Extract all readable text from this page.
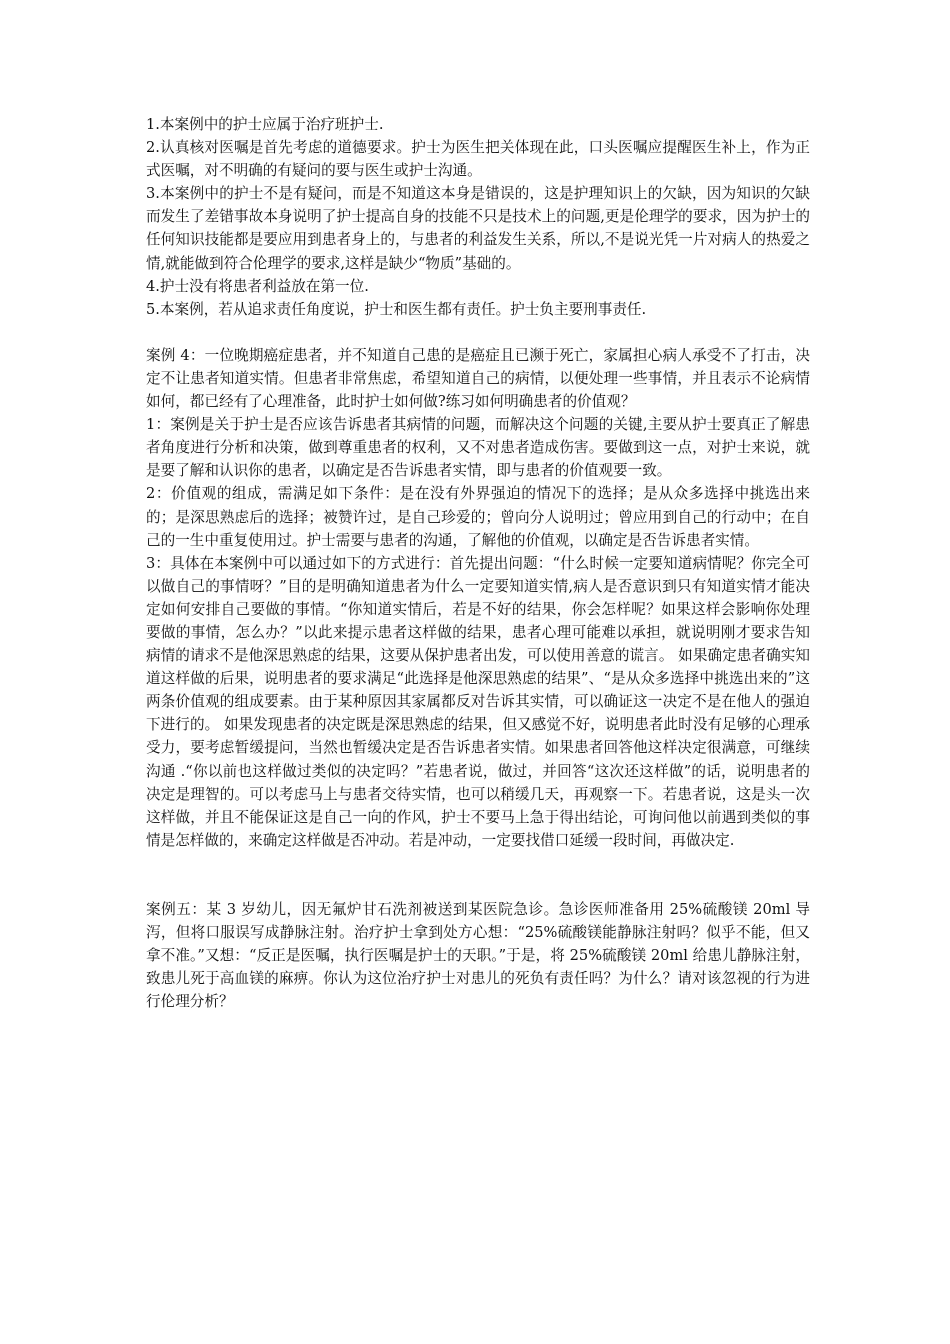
1.本案例中的护士应属于治疗班护士.

2.认真核对医嘱是首先考虑的道德要求。护士为医生把关体现在此，口头医嘱应提醒医生补上，作为正式医嘱，对不明确的有疑问的要与医生或护士沟通。

3.本案例中的护士不是有疑问，而是不知道这本身是错误的，这是护理知识上的欠缺，因为知识的欠缺而发生了差错事故本身说明了护士提高自身的技能不只是技术上的问题,更是伦理学的要求，因为护士的任何知识技能都是要应用到患者身上的，与患者的利益发生关系，所以,不是说光凭一片对病人的热爱之情,就能做到符合伦理学的要求,这样是缺少“物质”基础的。

4.护士没有将患者利益放在第一位.

5.本案例，若从追求责任角度说，护士和医生都有责任。护士负主要刑事责任.

案例 4：一位晚期癌症患者，并不知道自己患的是癌症且已濒于死亡，家属担心病人承受不了打击，决定不让患者知道实情。但患者非常焦虑，希望知道自己的病情，以便处理一些事情，并且表示不论病情如何，都已经有了心理准备，此时护士如何做?练习如何明确患者的价值观？

1：案例是关于护士是否应该告诉患者其病情的问题，而解决这个问题的关键,主要从护士要真正了解患者角度进行分析和决策，做到尊重患者的权利，又不对患者造成伤害。要做到这一点，对护士来说，就是要了解和认识你的患者，以确定是否告诉患者实情，即与患者的价值观要一致。

2：价值观的组成，需满足如下条件：是在没有外界强迫的情况下的选择；是从众多选择中挑选出来的；是深思熟虑后的选择；被赞许过，是自己珍爱的；曾向分人说明过；曾应用到自己的行动中；在自己的一生中重复使用过。护士需要与患者的沟通，了解他的价值观，以确定是否告诉患者实情。

3：具体在本案例中可以通过如下的方式进行：首先提出问题：“什么时候一定要知道病情呢？你完全可以做自己的事情呀？”目的是明确知道患者为什么一定要知道实情,病人是否意识到只有知道实情才能决定如何安排自己要做的事情。“你知道实情后，若是不好的结果，你会怎样呢？如果这样会影响你处理要做的事情，怎么办？”以此来提示患者这样做的结果，患者心理可能难以承担，就说明刚才要求告知病情的请求不是他深思熟虑的结果，这要从保护患者出发，可以使用善意的谎言。 如果确定患者确实知道这样做的后果，说明患者的要求满足“此选择是他深思熟虑的结果”、“是从众多选择中挑选出来的”这两条价值观的组成要素。由于某种原因其家属都反对告诉其实情，可以确证这一决定不是在他人的强迫下进行的。 如果发现患者的决定既是深思熟虑的结果，但又感觉不好，说明患者此时没有足够的心理承受力，要考虑暂缓提问，当然也暂缓决定是否告诉患者实情。如果患者回答他这样决定很满意，可继续沟通 .“你以前也这样做过类似的决定吗？”若患者说，做过，并回答“这次还这样做”的话，说明患者的决定是理智的。可以考虑马上与患者交待实情，也可以稍缓几天，再观察一下。若患者说，这是头一次这样做，并且不能保证这是自己一向的作风，护士不要马上急于得出结论，可询问他以前遇到类似的事情是怎样做的，来确定这样做是否冲动。若是冲动，一定要找借口延缓一段时间，再做决定.

案例五：某 3 岁幼儿，因无氟炉甘石洗剂被送到某医院急诊。急诊医师准备用 25%硫酸镁 20ml 导泻，但将口服误写成静脉注射。治疗护士拿到处方心想：“25%硫酸镁能静脉注射吗？似乎不能，但又拿不准。”又想：“反正是医嘱，执行医嘱是护士的天职。”于是，将 25%硫酸镁 20ml 给患儿静脉注射，致患儿死于高血镁的麻痹。你认为这位治疗护士对患儿的死负有责任吗？为什么？请对该忽视的行为进行伦理分析？
